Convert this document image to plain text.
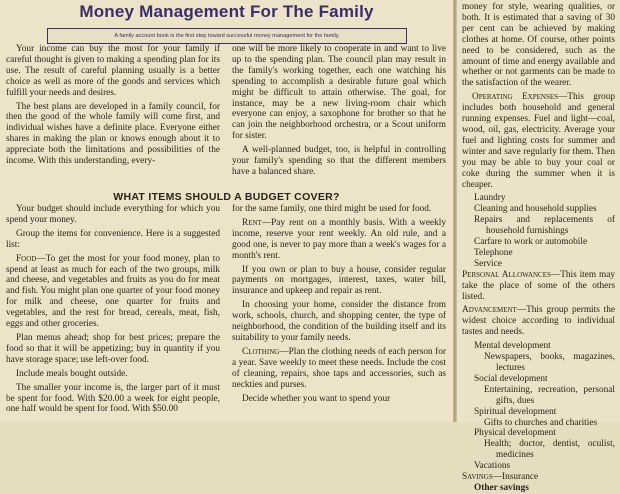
Money Management For The Family
A family account book is the first step toward successful money management for the family.

Your income can buy the most for your family if careful thought is given to making a spending plan for its use. The result of careful planning usually is a better choice as well as more of the goods and services which fulfill your needs and desires.

The best plans are developed in a family council, for then the good of the whole family will come first, and individual wishes have a definite place. Everyone either shares in making the plan or knows enough about it to appreciate both the limitations and possibilities of the income. With this understanding, every-

one will be more likely to cooperate in and want to live up to the spending plan. The council plan may result in the family's working together, each one watching his spending to accomplish a desirable future goal which might be difficult to attain otherwise. The goal, for instance, may be a new living-room chair which everyone can enjoy, a saxophone for brother so that he can join the neighborhood orchestra, or a Scout uniform for sister.

A well-planned budget, too, is helpful in controlling your family's spending so that the different members have a balanced share.

WHAT ITEMS SHOULD A BUDGET COVER?

Your budget should include everything for which you spend your money.

Group the items for convenience. Here is a suggested list:

Food—To get the most for your food money, plan to spend at least as much for each of the two groups, milk and cheese, and vegetables and fruits as you do for meat and fish. You might plan one quarter of your food money for milk and cheese, one quarter for fruits and vegetables, and the rest for bread, cereals, meat, fish, eggs and other groceries.

Plan menus ahead; shop for best prices; prepare the food so that it will be appetizing; buy in quantity if you have storage space; use left-over food.

Include meals bought outside.

The smaller your income is, the larger part of it must be spent for food. With $20.00 a week for eight people, one half would be spent for food. With $50.00

for the same family, one third might be used for food.

Rent—Pay rent on a monthly basis. With a weekly income, reserve your rent weekly. An old rule, and a good one, is never to pay more than a week's wages for a month's rent.

If you own or plan to buy a house, consider regular payments on mortgages, interest, taxes, water bill, insurance and upkeep and repair as rent.

In choosing your home, consider the distance from work, schools, church, and shopping center, the type of neighborhood, the condition of the building itself and its suitability to your family needs.

Clothing—Plan the clothing needs of each person for a year. Save weekly to meet these needs. Include the cost of cleaning, repairs, shoe taps and accessories, such as neckties and purses.

Decide whether you want to spend your

money for style, wearing qualities, or both. It is estimated that a saving of 30 per cent can be achieved by making clothes at home. Of course, other points need to be considered, such as the amount of time and energy available and whether or not garments can be made to the satisfaction of the wearer.

Operating Expenses—This group includes both household and general running expenses. Fuel and light—coal, wood, oil, gas, electricity. Average your fuel and lighting costs for summer and winter and save regularly for them. Then you may be able to buy your coal or coke during the summer when it is cheaper.

Laundry
Cleaning and household supplies
Repairs and replacements of household furnishings
Carfare to work or automobile
Telephone
Service

Personal Allowances—This item may take the place of some of the others listed.

Advancement—This group permits the widest choice according to individual tastes and needs.

Mental development
Newspapers, books, magazines, lectures
Social development
Entertaining, recreation, personal gifts, dues
Spiritual development
Gifts to churches and charities
Physical development
Health; doctor, dentist, oculist, medicines
Vacations
Savings—Insurance
Other savings
